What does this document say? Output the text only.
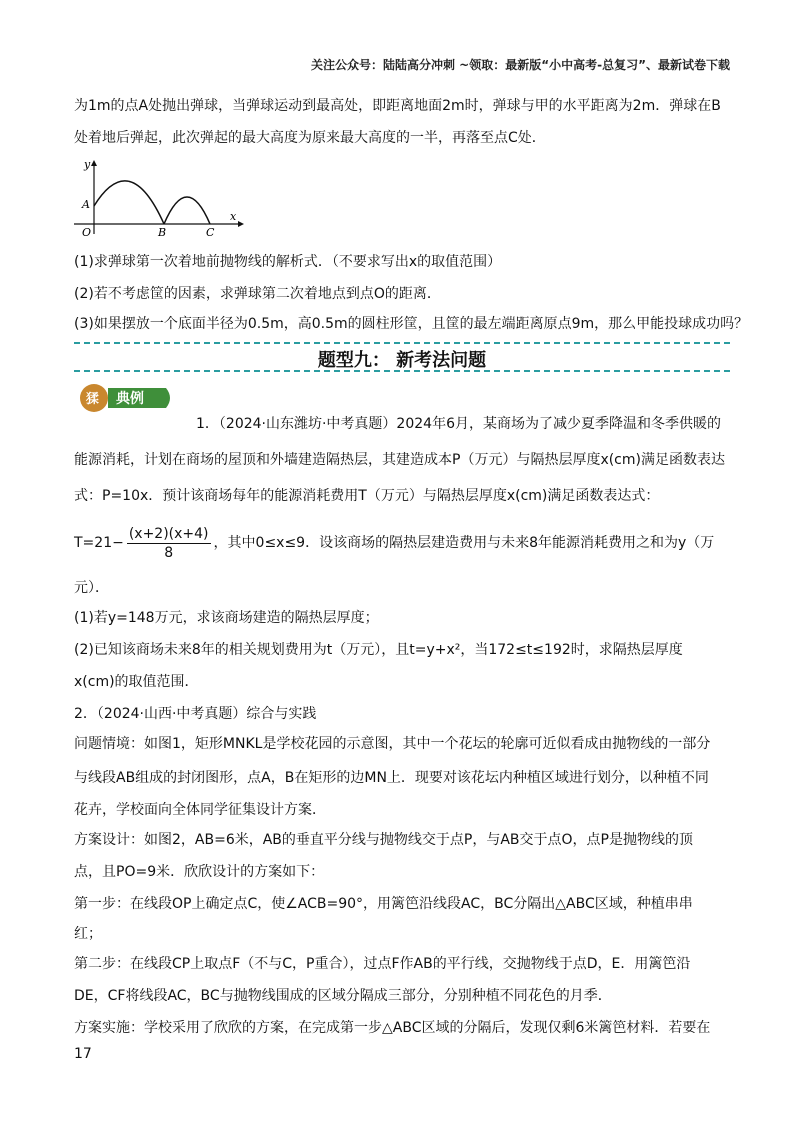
关注公众号：陆陆高分冲刺 ~领取：最新版“小中高考-总复习”、最新试卷下载
为1m的点A处抛出弹球，当弹球运动到最高处，即距离地面2m时，弹球与甲的水平距离为2m．弹球在B
处着地后弹起，此次弹起的最大高度为原来最大高度的一半，再落至点C处．
y
x
A
O	B	C
(1)求弹球第一次着地前抛物线的解析式．（不要求写出x的取值范围）
(2)若不考虑筐的因素，求弹球第二次着地点到点O的距离．
(3)如果摆放一个底面半径为0.5m，高0.5m的圆柱形筐，且筐的最左端距离原点9m，那么甲能投球成功吗？
题型九： 新考法问题
猱 典例
1．（2024·山东潍坊·中考真题）2024年6月，某商场为了减少夏季降温和冬季供暖的
能源消耗，计划在商场的屋顶和外墙建造隔热层，其建造成本P（万元）与隔热层厚度x(cm)满足函数表达
式：P=10x．预计该商场每年的能源消耗费用T（万元）与隔热层厚度x(cm)满足函数表达式：
$T=21- \frac{(x+2)(x+4)}{8}$ ，其中0≤x≤9．设该商场的隔热层建造费用与未来8年能源消耗费用之和为y（万
元）．
(1)若y=148万元，求该商场建造的隔热层厚度；
(2)已知该商场未来8年的相关规划费用为t（万元），且t=y+x²，当172≤t≤192时，求隔热层厚度
x(cm)的取值范围．
2．（2024·山西·中考真题）综合与实践
问题情境：如图1，矩形MNKL是学校花园的示意图，其中一个花坛的轮廓可近似看成由抛物线的一部分
与线段AB组成的封闭图形，点A，B在矩形的边MN上．现要对该花坛内种植区域进行划分，以种植不同
花卉，学校面向全体同学征集设计方案．
方案设计：如图2，AB=6米，AB的垂直平分线与抛物线交于点P，与AB交于点O，点P是抛物线的顶
点，且PO=9米．欣欣设计的方案如下：
第一步：在线段OP上确定点C，使∠ACB=90°，用篱笆沿线段AC，BC分隔出△ABC区域，种植串串
红；
第二步：在线段CP上取点F（不与C，P重合），过点F作AB的平行线，交抛物线于点D，E．用篱笆沿
DE，CF将线段AC，BC与抛物线围成的区域分隔成三部分，分别种植不同花色的月季．
方案实施：学校采用了欣欣的方案，在完成第一步△ABC区域的分隔后，发现仅剩6米篱笆材料．若要在
17
